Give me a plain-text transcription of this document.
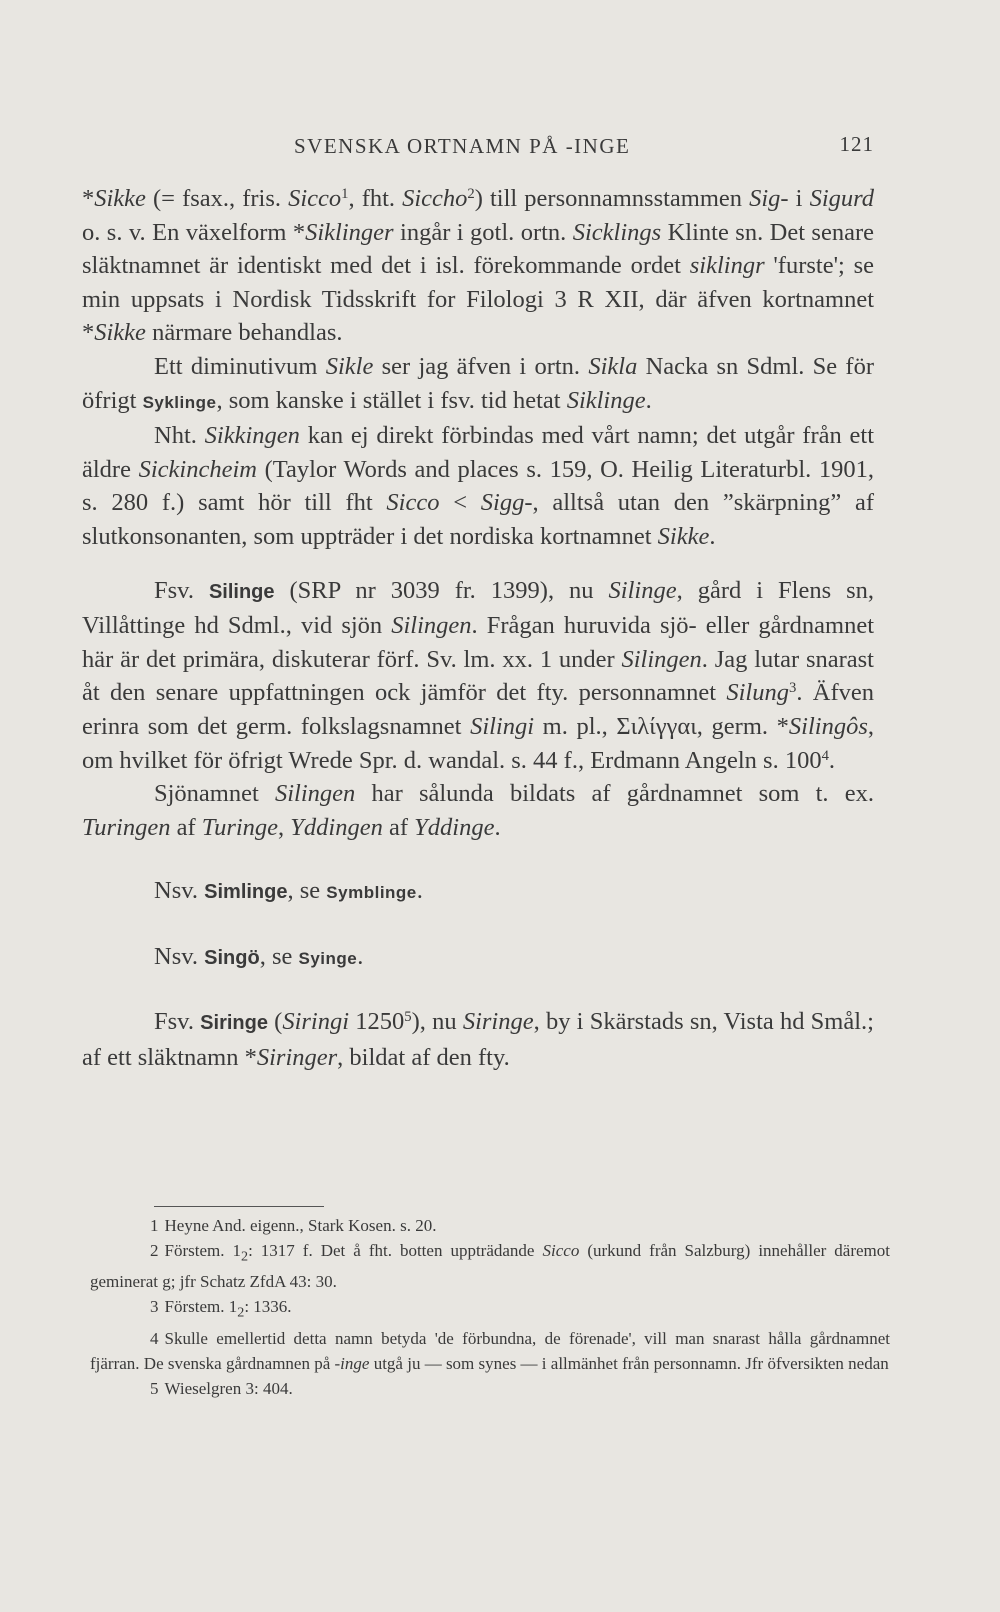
SVENSKA ORTNAMN PÅ -INGE	121

*Sikke (= fsax., fris. Sicco$^1$, fht. Siccho$^2$) till personnamnsstammen Sig- i Sigurd o. s. v. En växelform *Siklinger ingår i gotl. ortn. Sicklings Klinte sn. Det senare släktnamnet är identiskt med det i isl. förekommande ordet siklingr 'furste'; se min uppsats i Nordisk Tidsskrift for Filologi 3 R XII, där äfven kortnamnet *Sikke närmare behandlas.

Ett diminutivum Sikle ser jag äfven i ortn. Sikla Nacka sn Sdml. Se för öfrigt Syklinge, som kanske i stället i fsv. tid hetat Siklinge.

Nht. Sikkingen kan ej direkt förbindas med vårt namn; det utgår från ett äldre Sickincheim (Taylor Words and places s. 159, O. Heilig Literaturbl. 1901, s. 280 f.) samt hör till fht Sicco < Sigg-, alltså utan den ”skärpning” af slutkonsonanten, som uppträder i det nordiska kortnamnet Sikke.

Fsv. Silinge (SRP nr 3039 fr. 1399), nu Silinge, gård i Flens sn, Villåttinge hd Sdml., vid sjön Silingen. Frågan huruvida sjö- eller gårdnamnet här är det primära, diskuterar förf. Sv. lm. xx. 1 under Silingen. Jag lutar snarast åt den senare uppfattningen ock jämför det fty. personnamnet Silung$^3$. Äfven erinra som det germ. folkslagsnamnet Silingi m. pl., Σιλίγγαι, germ. *Silingôs, om hvilket för öfrigt Wrede Spr. d. wandal. s. 44 f., Erdmann Angeln s. $100^4$.

Sjönamnet Silingen har sålunda bildats af gårdnamnet som t. ex. Turingen af Turinge, Yddingen af Yddinge.

Nsv. Simlinge, se Symblinge.

Nsv. Singö, se Syinge.

Fsv. Siringe (Siringi 1250$^5$), nu Siringe, by i Skärstads sn, Vista hd Smål.; af ett släktnamn *Siringer, bildat af den fty.

1 Heyne And. eigenn., Stark Kosen. s. 20.

2 Förstem. $1_2$: 1317 f. Det å fht. botten uppträdande Sicco (urkund från Salzburg) innehåller däremot geminerat g; jfr Schatz ZfdA 43: 30.

3 Förstem. $1_2$: 1336.

4 Skulle emellertid detta namn betyda 'de förbundna, de förenade', vill man snarast hålla gårdnamnet fjärran. De svenska gårdnamnen på -inge utgå ju — som synes — i allmänhet från personnamn. Jfr öfversikten nedan

5 Wieselgren 3: 404.
